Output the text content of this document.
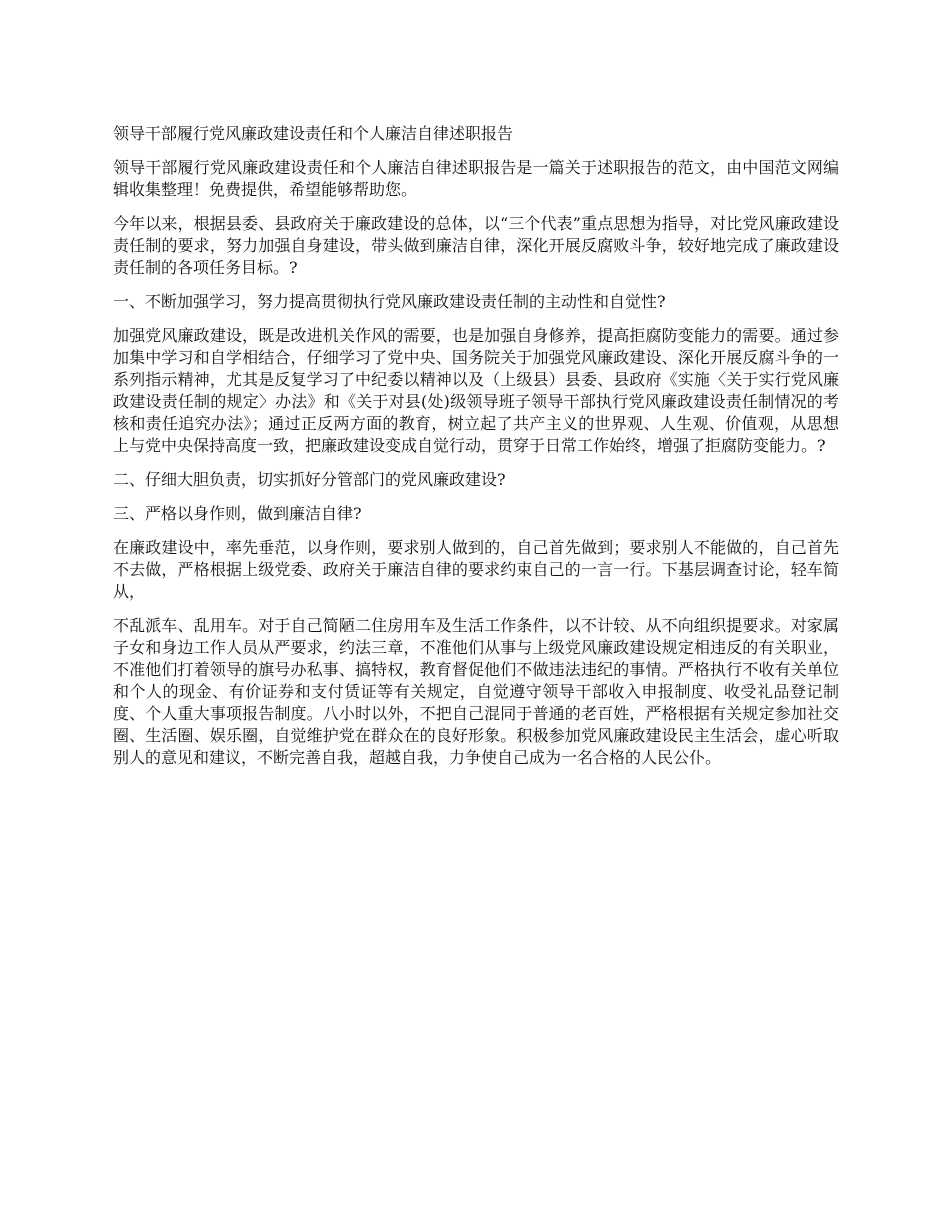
领导干部履行党风廉政建设责任和个人廉洁自律述职报告

领导干部履行党风廉政建设责任和个人廉洁自律述职报告是一篇关于述职报告的范文，由中国范文网编辑收集整理！免费提供，希望能够帮助您。

今年以来，根据县委、县政府关于廉政建设的总体，以“三个代表”重点思想为指导，对比党风廉政建设责任制的要求，努力加强自身建设，带头做到廉洁自律，深化开展反腐败斗争，较好地完成了廉政建设责任制的各项任务目标。?

一、不断加强学习，努力提高贯彻执行党风廉政建设责任制的主动性和自觉性?

加强党风廉政建设，既是改进机关作风的需要，也是加强自身修养，提高拒腐防变能力的需要。通过参加集中学习和自学相结合，仔细学习了党中央、国务院关于加强党风廉政建设、深化开展反腐斗争的一系列指示精神，尤其是反复学习了中纪委以精神以及（上级县）县委、县政府《实施〈关于实行党风廉政建设责任制的规定〉办法》和《关于对县(处)级领导班子领导干部执行党风廉政建设责任制情况的考核和责任追究办法》；通过正反两方面的教育，树立起了共产主义的世界观、人生观、价值观，从思想上与党中央保持高度一致，把廉政建设变成自觉行动，贯穿于日常工作始终，增强了拒腐防变能力。?

二、仔细大胆负责，切实抓好分管部门的党风廉政建设?

三、严格以身作则，做到廉洁自律?

在廉政建设中，率先垂范，以身作则，要求别人做到的，自己首先做到；要求别人不能做的，自己首先不去做，严格根据上级党委、政府关于廉洁自律的要求约束自己的一言一行。下基层调查讨论，轻车简从，

不乱派车、乱用车。对于自己简陋二住房用车及生活工作条件，以不计较、从不向组织提要求。对家属子女和身边工作人员从严要求，约法三章，不准他们从事与上级党风廉政建设规定相违反的有关职业，不准他们打着领导的旗号办私事、搞特权，教育督促他们不做违法违纪的事情。严格执行不收有关单位和个人的现金、有价证券和支付赁证等有关规定，自觉遵守领导干部收入申报制度、收受礼品登记制度、个人重大事项报告制度。八小时以外，不把自己混同于普通的老百姓，严格根据有关规定参加社交圈、生活圈、娱乐圈，自觉维护党在群众在的良好形象。积极参加党风廉政建设民主生活会，虚心听取别人的意见和建议，不断完善自我，超越自我，力争使自己成为一名合格的人民公仆。
